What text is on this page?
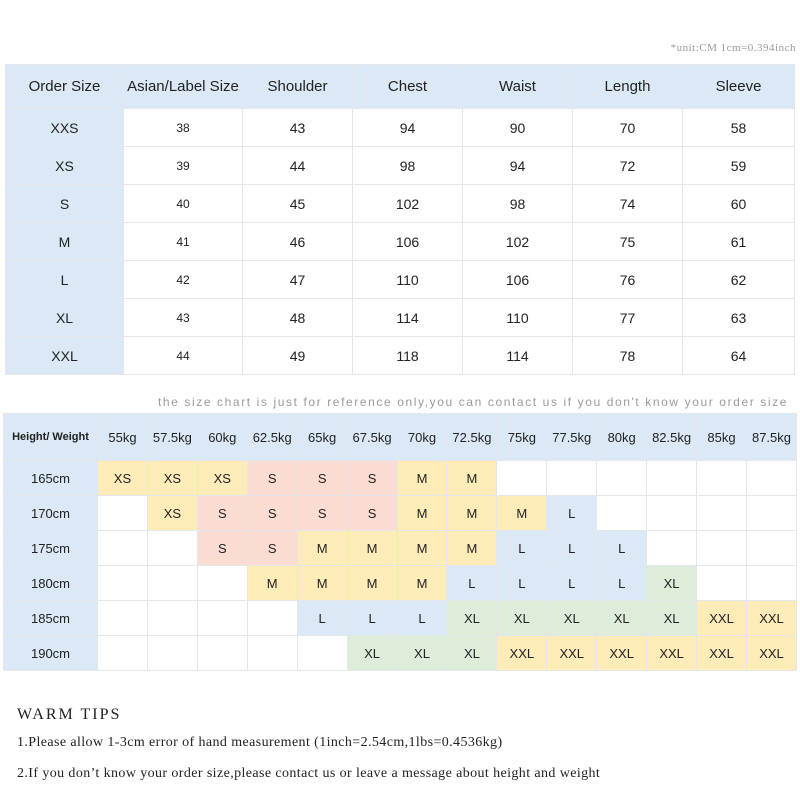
*unit:CM 1cm=0.394inch
Order Size	Asian/Label Size	Shoulder	Chest	Waist	Length	Sleeve
XXS	38	43	94	90	70	58
XS	39	44	98	94	72	59
S	40	45	102	98	74	60
M	41	46	106	102	75	61
L	42	47	110	106	76	62
XL	43	48	114	110	77	63
XXL	44	49	118	114	78	64
the size chart is just for reference only,you can contact us if you don't know your order size
Height/ Weight	55kg	57.5kg	60kg	62.5kg	65kg	67.5kg	70kg	72.5kg	75kg	77.5kg	80kg	82.5kg	85kg	87.5kg
165cm	XS	XS	XS	S	S	S	M	M						
170cm		XS	S	S	S	S	M	M	M	L				
175cm			S	S	M	M	M	M	L	L	L			
180cm				M	M	M	M	L	L	L	L	XL		
185cm					L	L	L	XL	XL	XL	XL	XL	XXL	XXL
190cm						XL	XL	XL	XXL	XXL	XXL	XXL	XXL	XXL
WARM TIPS
1.Please allow 1-3cm error of hand measurement (1inch=2.54cm,1lbs=0.4536kg)
2.If you don’t know your order size,please contact us or leave a message about height and weight
